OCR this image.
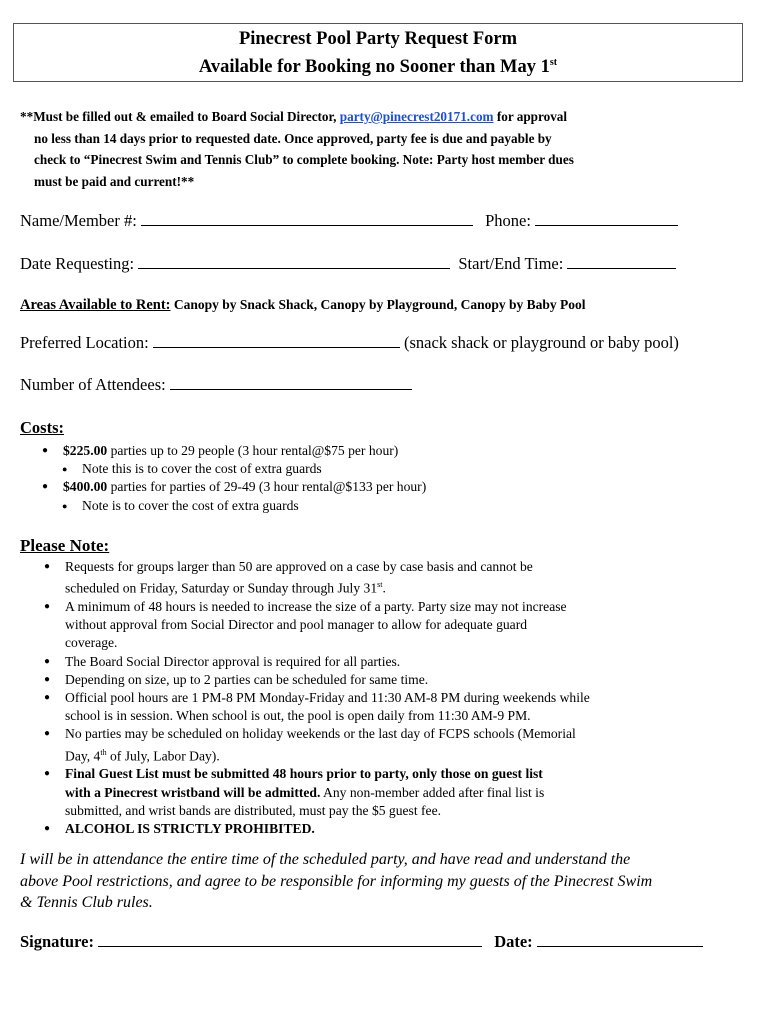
Pinecrest Pool Party Request Form
Available for Booking no Sooner than May 1st
**Must be filled out & emailed to Board Social Director, party@pinecrest20171.com for approval
no less than 14 days prior to requested date. Once approved, party fee is due and payable by
check to “Pinecrest Swim and Tennis Club” to complete booking. Note: Party host member dues
must be paid and current!**
Name/Member #:	Phone:
Date Requesting:	Start/End Time:
Areas Available to Rent: Canopy by Snack Shack, Canopy by Playground, Canopy by Baby Pool
Preferred Location:	(snack shack or playground or baby pool)
Number of Attendees:
Costs:
● $225.00 parties up to 29 people (3 hour rental@$75 per hour)
● Note this is to cover the cost of extra guards
● $400.00 parties for parties of 29-49 (3 hour rental@$133 per hour)
● Note is to cover the cost of extra guards
Please Note:
● Requests for groups larger than 50 are approved on a case by case basis and cannot be
scheduled on Friday, Saturday or Sunday through July 31st.
● A minimum of 48 hours is needed to increase the size of a party. Party size may not increase
without approval from Social Director and pool manager to allow for adequate guard
coverage.
● The Board Social Director approval is required for all parties.
● Depending on size, up to 2 parties can be scheduled for same time.
● Official pool hours are 1 PM-8 PM Monday-Friday and 11:30 AM-8 PM during weekends while
school is in session. When school is out, the pool is open daily from 11:30 AM-9 PM.
● No parties may be scheduled on holiday weekends or the last day of FCPS schools (Memorial
Day, 4th of July, Labor Day).
● Final Guest List must be submitted 48 hours prior to party, only those on guest list
with a Pinecrest wristband will be admitted. Any non-member added after final list is
submitted, and wrist bands are distributed, must pay the $5 guest fee.
● ALCOHOL IS STRICTLY PROHIBITED.
I will be in attendance the entire time of the scheduled party, and have read and understand the
above Pool restrictions, and agree to be responsible for informing my guests of the Pinecrest Swim
& Tennis Club rules.
Signature:	Date:
